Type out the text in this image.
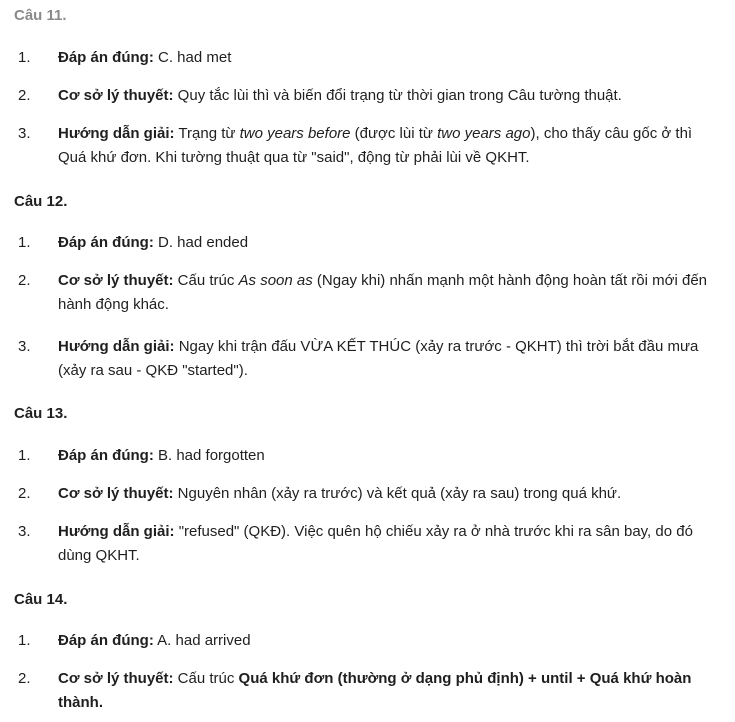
Câu 11.
1.	Đáp án đúng: C. had met
2.	Cơ sở lý thuyết: Quy tắc lùi thì và biến đổi trạng từ thời gian trong Câu tường thuật.
3.	Hướng dẫn giải: Trạng từ two years before (được lùi từ two years ago), cho thấy câu gốc ở thì Quá khứ đơn. Khi tường thuật qua từ "said", động từ phải lùi về QKHT.
Câu 12.
1.	Đáp án đúng: D. had ended
2.	Cơ sở lý thuyết: Cấu trúc As soon as (Ngay khi) nhấn mạnh một hành động hoàn tất rồi mới đến hành động khác.
3.	Hướng dẫn giải: Ngay khi trận đấu VỪA KẾT THÚC (xảy ra trước - QKHT) thì trời bắt đầu mưa (xảy ra sau - QKĐ "started").
Câu 13.
1.	Đáp án đúng: B. had forgotten
2.	Cơ sở lý thuyết: Nguyên nhân (xảy ra trước) và kết quả (xảy ra sau) trong quá khứ.
3.	Hướng dẫn giải: "refused" (QKĐ). Việc quên hộ chiếu xảy ra ở nhà trước khi ra sân bay, do đó dùng QKHT.
Câu 14.
1.	Đáp án đúng: A. had arrived
2.	Cơ sở lý thuyết: Cấu trúc Quá khứ đơn (thường ở dạng phủ định) + until + Quá khứ hoàn thành.
